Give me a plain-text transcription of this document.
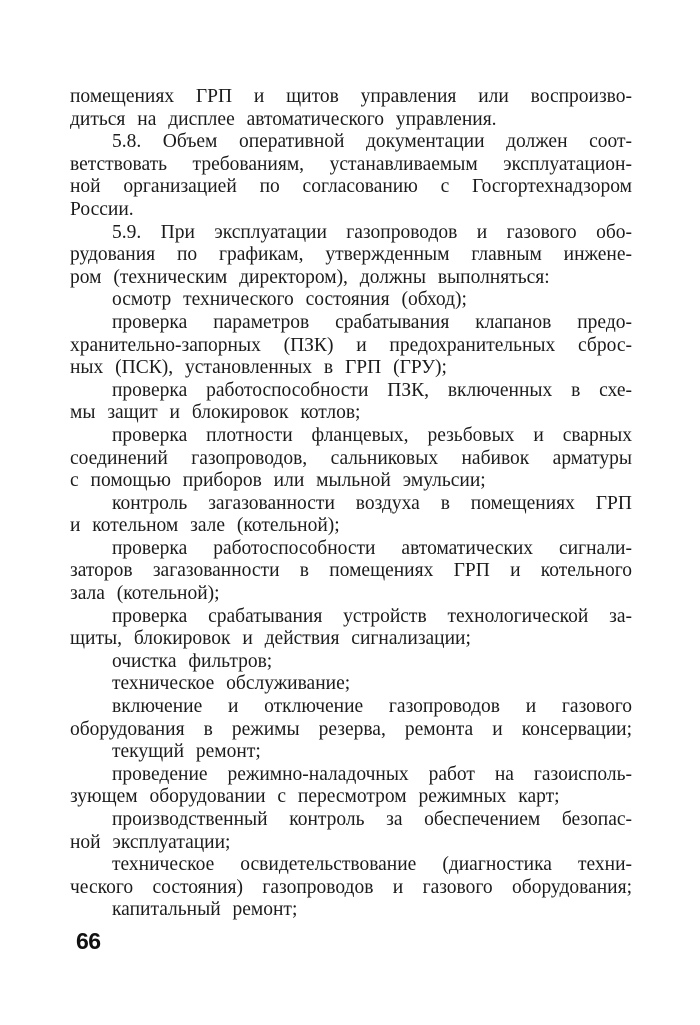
помещениях ГРП и щитов управления или воспроизво-
диться на дисплее автоматического управления.
5.8. Объем оперативной документации должен соот-
ветствовать требованиям, устанавливаемым эксплуатацион-
ной организацией по согласованию с Госгортехнадзором
России.
5.9. При эксплуатации газопроводов и газового обо-
рудования по графикам, утвержденным главным инжене-
ром (техническим директором), должны выполняться:
осмотр технического состояния (обход);
проверка параметров срабатывания клапанов предо-
хранительно-запорных (ПЗК) и предохранительных сброс-
ных (ПСК), установленных в ГРП (ГРУ);
проверка работоспособности ПЗК, включенных в схе-
мы защит и блокировок котлов;
проверка плотности фланцевых, резьбовых и сварных
соединений газопроводов, сальниковых набивок арматуры
с помощью приборов или мыльной эмульсии;
контроль загазованности воздуха в помещениях ГРП
и котельном зале (котельной);
проверка работоспособности автоматических сигнали-
заторов загазованности в помещениях ГРП и котельного
зала (котельной);
проверка срабатывания устройств технологической за-
щиты, блокировок и действия сигнализации;
очистка фильтров;
техническое обслуживание;
включение и отключение газопроводов и газового
оборудования в режимы резерва, ремонта и консервации;
текущий ремонт;
проведение режимно-наладочных работ на газоисполь-
зующем оборудовании с пересмотром режимных карт;
производственный контроль за обеспечением безопас-
ной эксплуатации;
техническое освидетельствование (диагностика техни-
ческого состояния) газопроводов и газового оборудования;
капитальный ремонт;
66
